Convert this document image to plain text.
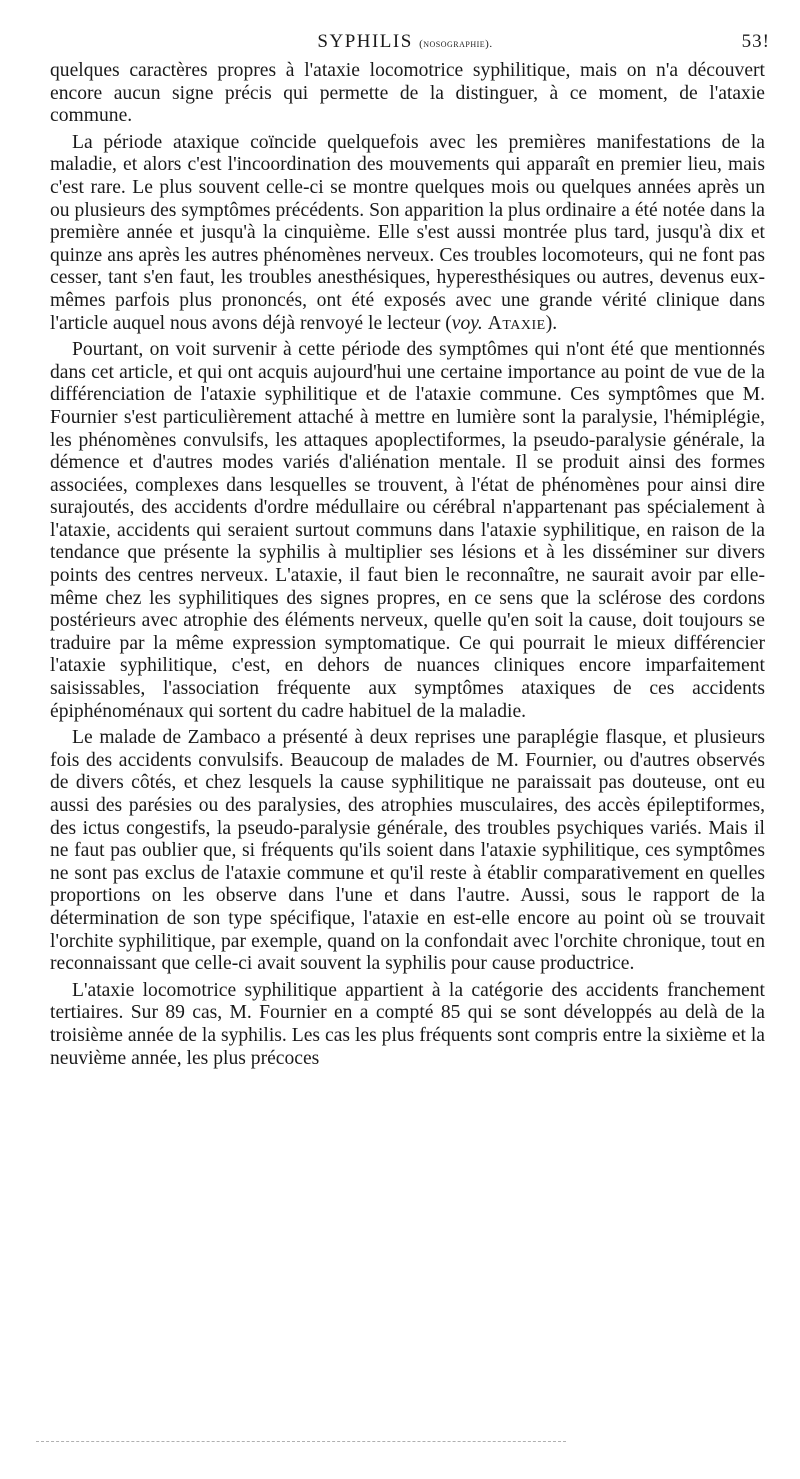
SYPHILIS (nosographie).	53!

quelques caractères propres à l'ataxie locomotrice syphilitique, mais on n'a découvert encore aucun signe précis qui permette de la distinguer, à ce moment, de l'ataxie commune.

La période ataxique coïncide quelquefois avec les premières manifestations de la maladie, et alors c'est l'incoordination des mouvements qui apparaît en premier lieu, mais c'est rare. Le plus souvent celle-ci se montre quelques mois ou quelques années après un ou plusieurs des symptômes précédents. Son apparition la plus ordinaire a été notée dans la première année et jusqu'à la cinquième. Elle s'est aussi montrée plus tard, jusqu'à dix et quinze ans après les autres phénomènes nerveux. Ces troubles locomoteurs, qui ne font pas cesser, tant s'en faut, les troubles anesthésiques, hyperesthésiques ou autres, devenus eux-mêmes parfois plus prononcés, ont été exposés avec une grande vérité clinique dans l'article auquel nous avons déjà renvoyé le lecteur (voy. Ataxie).

Pourtant, on voit survenir à cette période des symptômes qui n'ont été que mentionnés dans cet article, et qui ont acquis aujourd'hui une certaine importance au point de vue de la différenciation de l'ataxie syphilitique et de l'ataxie commune. Ces symptômes que M. Fournier s'est particulièrement attaché à mettre en lumière sont la paralysie, l'hémiplégie, les phénomènes convulsifs, les attaques apoplectiformes, la pseudo-paralysie générale, la démence et d'autres modes variés d'aliénation mentale. Il se produit ainsi des formes associées, complexes dans lesquelles se trouvent, à l'état de phénomènes pour ainsi dire surajoutés, des accidents d'ordre médullaire ou cérébral n'appartenant pas spécialement à l'ataxie, accidents qui seraient surtout communs dans l'ataxie syphilitique, en raison de la tendance que présente la syphilis à multiplier ses lésions et à les disséminer sur divers points des centres nerveux. L'ataxie, il faut bien le reconnaître, ne saurait avoir par elle-même chez les syphilitiques des signes propres, en ce sens que la sclérose des cordons postérieurs avec atrophie des éléments nerveux, quelle qu'en soit la cause, doit toujours se traduire par la même expression symptomatique. Ce qui pourrait le mieux différencier l'ataxie syphilitique, c'est, en dehors de nuances cliniques encore imparfaitement saisissables, l'association fréquente aux symptômes ataxiques de ces accidents épiphénoménaux qui sortent du cadre habituel de la maladie.

Le malade de Zambaco a présenté à deux reprises une paraplégie flasque, et plusieurs fois des accidents convulsifs. Beaucoup de malades de M. Fournier, ou d'autres observés de divers côtés, et chez lesquels la cause syphilitique ne paraissait pas douteuse, ont eu aussi des parésies ou des paralysies, des atrophies musculaires, des accès épileptiformes, des ictus congestifs, la pseudo-paralysie générale, des troubles psychiques variés. Mais il ne faut pas oublier que, si fréquents qu'ils soient dans l'ataxie syphilitique, ces symptômes ne sont pas exclus de l'ataxie commune et qu'il reste à établir comparativement en quelles proportions on les observe dans l'une et dans l'autre. Aussi, sous le rapport de la détermination de son type spécifique, l'ataxie en est-elle encore au point où se trouvait l'orchite syphilitique, par exemple, quand on la confondait avec l'orchite chronique, tout en reconnaissant que celle-ci avait souvent la syphilis pour cause productrice.

L'ataxie locomotrice syphilitique appartient à la catégorie des accidents franchement tertiaires. Sur 89 cas, M. Fournier en a compté 85 qui se sont développés au delà de la troisième année de la syphilis. Les cas les plus fréquents sont compris entre la sixième et la neuvième année, les plus précoces
